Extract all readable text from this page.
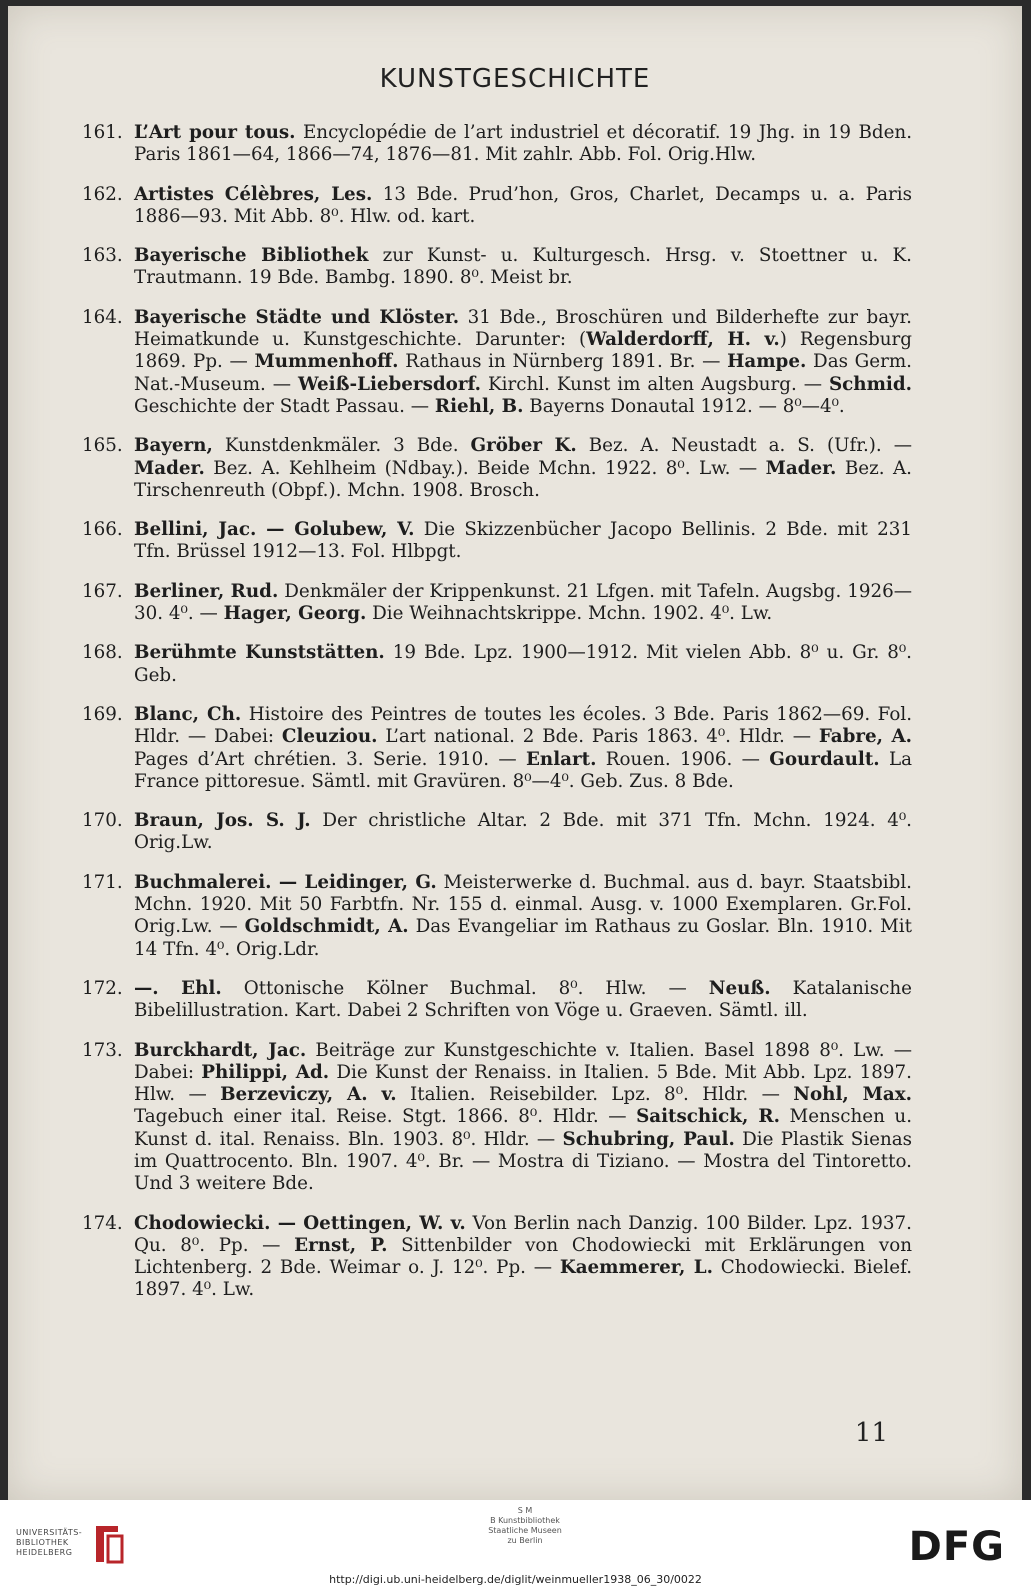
KUNSTGESCHICHTE
161. L’Art pour tous. Encyclopédie de l’art industriel et décoratif. 19 Jhg. in 19 Bden. Paris 1861—64, 1866—74, 1876—81. Mit zahlr. Abb. Fol. Orig.Hlw.
162. Artistes Célèbres, Les. 13 Bde. Prud’hon, Gros, Charlet, Decamps u. a. Paris 1886—93. Mit Abb. 8⁰. Hlw. od. kart.
163. Bayerische Bibliothek zur Kunst- u. Kulturgesch. Hrsg. v. Stoettner u. K. Trautmann. 19 Bde. Bambg. 1890. 8⁰. Meist br.
164. Bayerische Städte und Klöster. 31 Bde., Broschüren und Bilderhefte zur bayr. Heimatkunde u. Kunstgeschichte. Darunter: (Walderdorff, H. v.) Regensburg 1869. Pp. — Mummenhoff. Rathaus in Nürnberg 1891. Br. — Hampe. Das Germ. Nat.-Museum. — Weiß-Liebersdorf. Kirchl. Kunst im alten Augsburg. — Schmid. Geschichte der Stadt Passau. — Riehl, B. Bayerns Donautal 1912. — 8⁰—4⁰.
165. Bayern, Kunstdenkmäler. 3 Bde. Gröber K. Bez. A. Neustadt a. S. (Ufr.). — Mader. Bez. A. Kehlheim (Ndbay.). Beide Mchn. 1922. 8⁰. Lw. — Mader. Bez. A. Tirschenreuth (Obpf.). Mchn. 1908. Brosch.
166. Bellini, Jac. — Golubew, V. Die Skizzenbücher Jacopo Bellinis. 2 Bde. mit 231 Tfn. Brüssel 1912—13. Fol. Hlbpgt.
167. Berliner, Rud. Denkmäler der Krippenkunst. 21 Lfgen. mit Tafeln. Augsbg. 1926—30. 4⁰. — Hager, Georg. Die Weihnachtskrippe. Mchn. 1902. 4⁰. Lw.
168. Berühmte Kunststätten. 19 Bde. Lpz. 1900—1912. Mit vielen Abb. 8⁰ u. Gr. 8⁰. Geb.
169. Blanc, Ch. Histoire des Peintres de toutes les écoles. 3 Bde. Paris 1862—69. Fol. Hldr. — Dabei: Cleuziou. L’art national. 2 Bde. Paris 1863. 4⁰. Hldr. — Fabre, A. Pages d’Art chrétien. 3. Serie. 1910. — Enlart. Rouen. 1906. — Gourdault. La France pittoresue. Sämtl. mit Gravüren. 8⁰—4⁰. Geb. Zus. 8 Bde.
170. Braun, Jos. S. J. Der christliche Altar. 2 Bde. mit 371 Tfn. Mchn. 1924. 4⁰. Orig.Lw.
171. Buchmalerei. — Leidinger, G. Meisterwerke d. Buchmal. aus d. bayr. Staatsbibl. Mchn. 1920. Mit 50 Farbtfn. Nr. 155 d. einmal. Ausg. v. 1000 Exemplaren. Gr.Fol. Orig.Lw. — Goldschmidt, A. Das Evangeliar im Rathaus zu Goslar. Bln. 1910. Mit 14 Tfn. 4⁰. Orig.Ldr.
172. —. Ehl. Ottonische Kölner Buchmal. 8⁰. Hlw. — Neuß. Katalanische Bibelillustration. Kart. Dabei 2 Schriften von Vöge u. Graeven. Sämtl. ill.
173. Burckhardt, Jac. Beiträge zur Kunstgeschichte v. Italien. Basel 1898 8⁰. Lw. — Dabei: Philippi, Ad. Die Kunst der Renaiss. in Italien. 5 Bde. Mit Abb. Lpz. 1897. Hlw. — Berzeviczy, A. v. Italien. Reisebilder. Lpz. 8⁰. Hldr. — Nohl, Max. Tagebuch einer ital. Reise. Stgt. 1866. 8⁰. Hldr. — Saitschick, R. Menschen u. Kunst d. ital. Renaiss. Bln. 1903. 8⁰. Hldr. — Schubring, Paul. Die Plastik Sienas im Quattrocento. Bln. 1907. 4⁰. Br. — Mostra di Tiziano. — Mostra del Tintoretto. Und 3 weitere Bde.
174. Chodowiecki. — Oettingen, W. v. Von Berlin nach Danzig. 100 Bilder. Lpz. 1937. Qu. 8⁰. Pp. — Ernst, P. Sittenbilder von Chodowiecki mit Erklärungen von Lichtenberg. 2 Bde. Weimar o. J. 12⁰. Pp. — Kaemmerer, L. Chodowiecki. Bielef. 1897. 4⁰. Lw.
11
UNIVERSITÄTS-
BIBLIOTHEK
HEIDELBERG
S M
B Kunstbibliothek
Staatliche Museen
zu Berlin	DFG
http://digi.ub.uni-heidelberg.de/diglit/weinmueller1938_06_30/0022
